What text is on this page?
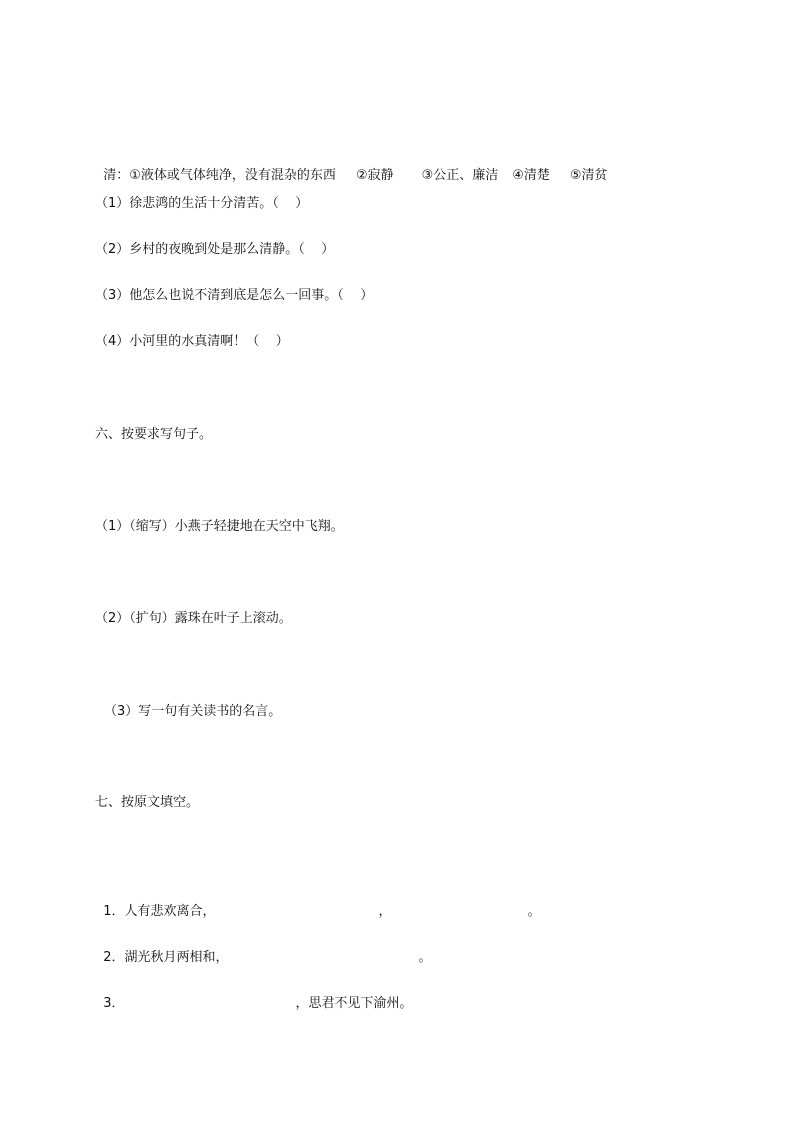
清：①液体或气体纯净，没有混杂的东西 ②寂静 ③公正、廉洁 ④清楚 ⑤清贫

（1）徐悲鸿的生活十分清苦。（    ）
（2）乡村的夜晚到处是那么清静。（    ）
（3）他怎么也说不清到底是怎么一回事。（    ）
（4）小河里的水真清啊！（    ）
六、按要求写句子。
（1）（缩写）小燕子轻捷地在天空中飞翔。
（2）（扩句）露珠在叶子上滚动。
（3）写一句有关读书的名言。
七、按原文填空。

1．人有悲欢离合，	，	。

2．湖光秋月两相和，	。

3．	，思君不见下渝州。
